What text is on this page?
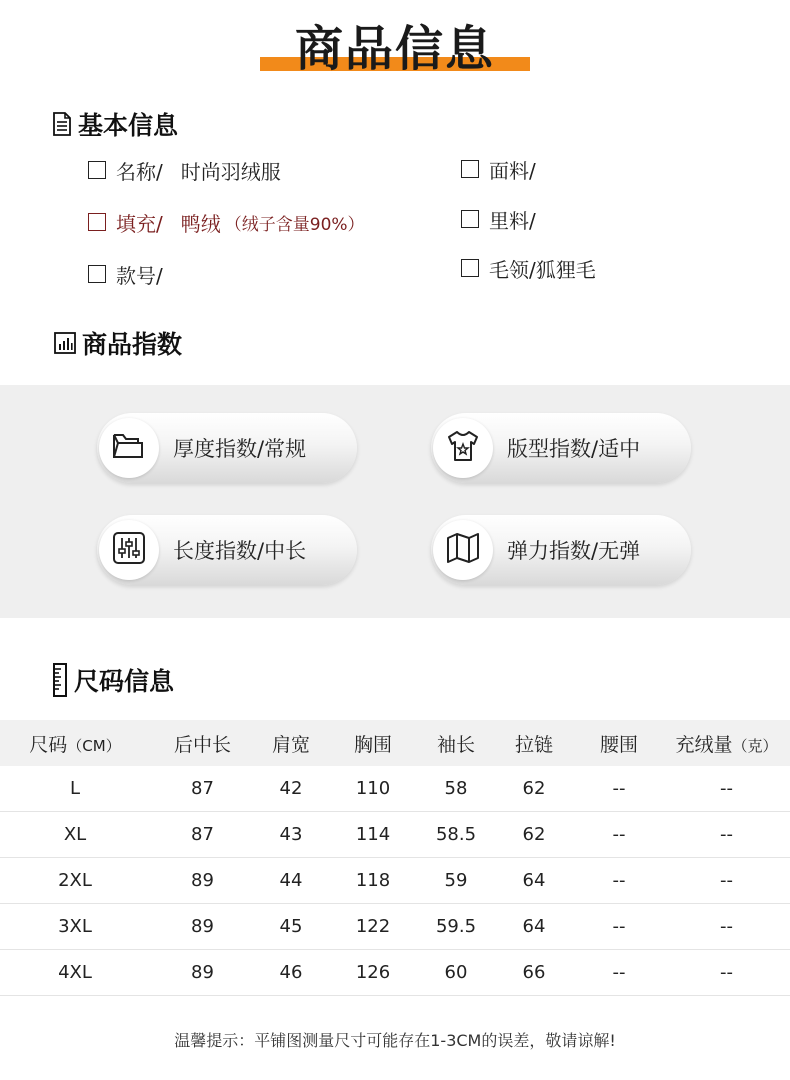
商品信息
基本信息
名称/ 时尚羽绒服	面料/
填充/ 鸭绒 （绒子含量90%）	里料/
款号/	毛领/狐狸毛
商品指数
厚度指数/常规	版型指数/适中
长度指数/中长	弹力指数/无弹
尺码信息
尺码（CM）	后中长	肩宽	胸围	袖长	拉链	腰围	充绒量（克）
L	87	42	110	58	62	--	--
XL	87	43	114	58.5	62	--	--
2XL	89	44	118	59	64	--	--
3XL	89	45	122	59.5	64	--	--
4XL	89	46	126	60	66	--	--
温馨提示：平铺图测量尺寸可能存在1-3CM的误差，敬请谅解!
